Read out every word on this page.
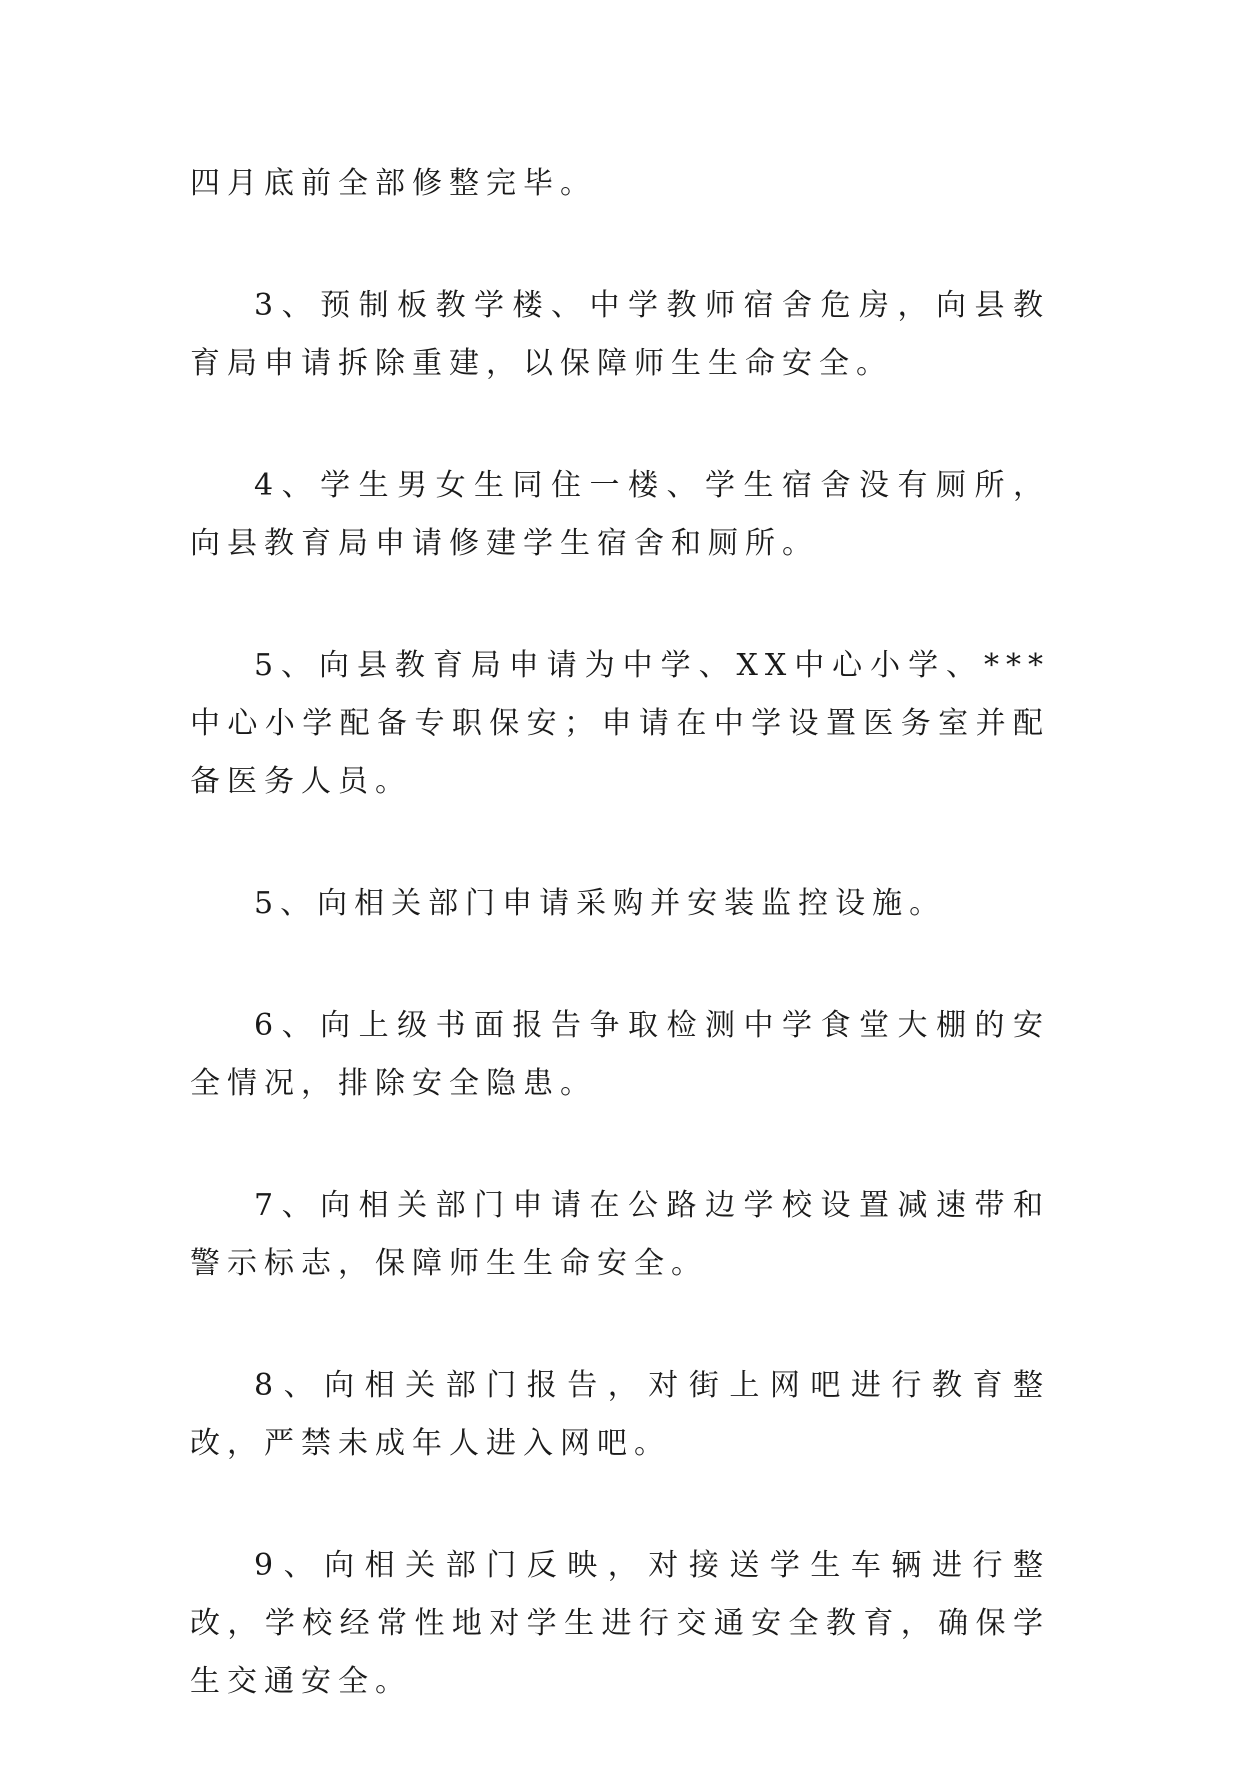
四月底前全部修整完毕。

3、预制板教学楼、中学教师宿舍危房，向县教育局申请拆除重建，以保障师生生命安全。

4、学生男女生同住一楼、学生宿舍没有厕所，向县教育局申请修建学生宿舍和厕所。

5、向县教育局申请为中学、XX中心小学、***中心小学配备专职保安；申请在中学设置医务室并配备医务人员。

5、向相关部门申请采购并安装监控设施。

6、向上级书面报告争取检测中学食堂大棚的安全情况，排除安全隐患。

7、向相关部门申请在公路边学校设置减速带和警示标志，保障师生生命安全。

8、向相关部门报告，对街上网吧进行教育整改，严禁未成年人进入网吧。

9、向相关部门反映，对接送学生车辆进行整改，学校经常性地对学生进行交通安全教育，确保学生交通安全。
